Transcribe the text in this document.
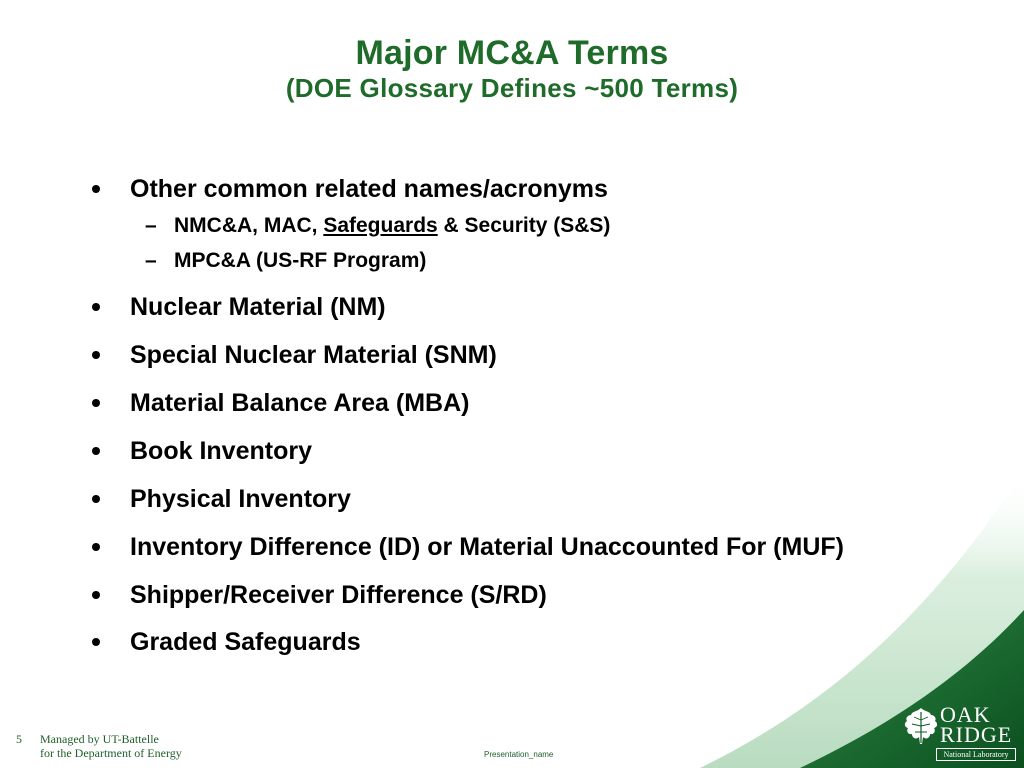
Major MC&A Terms
(DOE Glossary Defines ~500 Terms)
Other common related names/acronyms
– NMC&A, MAC, Safeguards & Security (S&S)
– MPC&A (US-RF Program)
Nuclear Material (NM)
Special Nuclear Material (SNM)
Material Balance Area (MBA)
Book Inventory
Physical Inventory
Inventory Difference (ID) or Material Unaccounted For (MUF)
Shipper/Receiver Difference (S/RD)
Graded Safeguards
5	Managed by UT-Battelle
for the Department of Energy	Presentation_name
OAK
RIDGE
National Laboratory
